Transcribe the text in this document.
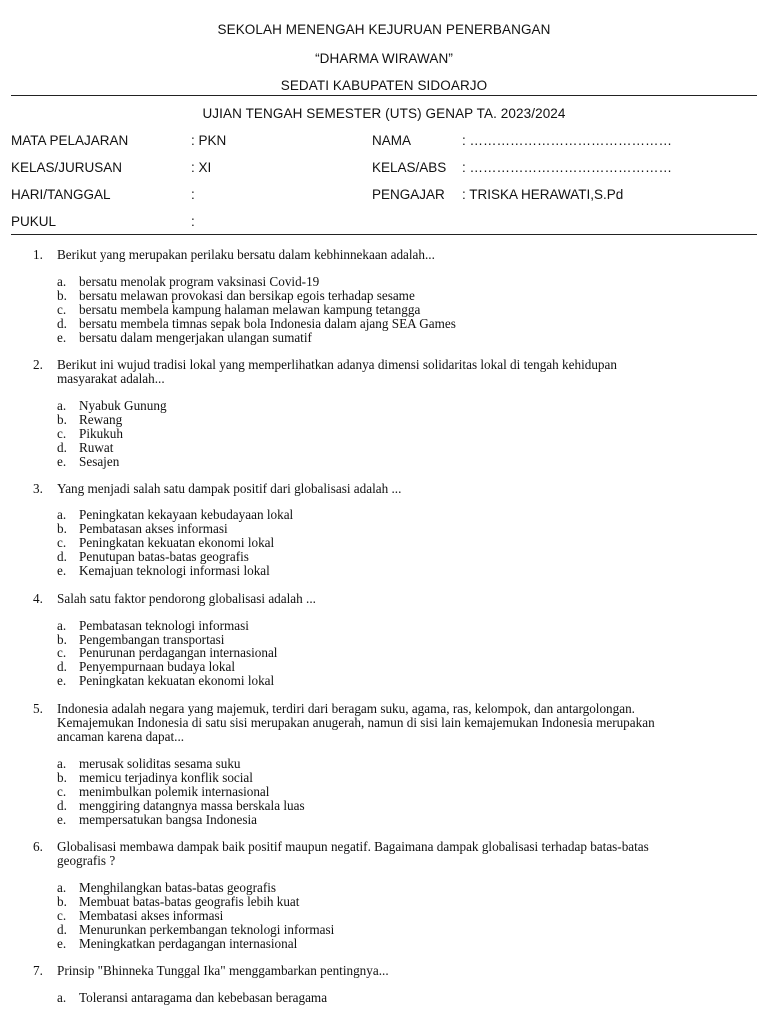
SEKOLAH MENENGAH KEJURUAN PENERBANGAN
“DHARMA WIRAWAN”
SEDATI KABUPATEN SIDOARJO
UJIAN TENGAH SEMESTER (UTS) GENAP TA. 2023/2024
MATA PELAJARAN	: PKN	NAMA	: ………………………………………
KELAS/JURUSAN	: XI	KELAS/ABS : ………………………………………
HARI/TANGGAL	:	PENGAJAR : TRISKA HERAWATI,S.Pd
PUKUL	:
1.	Berikut yang merupakan perilaku bersatu dalam kebhinnekaan adalah...
a. bersatu menolak program vaksinasi Covid-19
b. bersatu melawan provokasi dan bersikap egois terhadap sesame
c. bersatu membela kampung halaman melawan kampung tetangga
d. bersatu membela timnas sepak bola Indonesia dalam ajang SEA Games
e. bersatu dalam mengerjakan ulangan sumatif
2.	Berikut ini wujud tradisi lokal yang memperlihatkan adanya dimensi solidaritas lokal di tengah kehidupan
masyarakat adalah...
a. Nyabuk Gunung
b. Rewang
c. Pikukuh
d. Ruwat
e. Sesajen
3.	Yang menjadi salah satu dampak positif dari globalisasi adalah ...
a. Peningkatan kekayaan kebudayaan lokal
b. Pembatasan akses informasi
c. Peningkatan kekuatan ekonomi lokal
d. Penutupan batas-batas geografis
e. Kemajuan teknologi informasi lokal
4.	Salah satu faktor pendorong globalisasi adalah ...
a. Pembatasan teknologi informasi
b. Pengembangan transportasi
c. Penurunan perdagangan internasional
d. Penyempurnaan budaya lokal
e. Peningkatan kekuatan ekonomi lokal
5.	Indonesia adalah negara yang majemuk, terdiri dari beragam suku, agama, ras, kelompok, dan antargolongan.
Kemajemukan Indonesia di satu sisi merupakan anugerah, namun di sisi lain kemajemukan Indonesia merupakan
ancaman karena dapat...
a. merusak soliditas sesama suku
b. memicu terjadinya konflik social
c. menimbulkan polemik internasional
d. menggiring datangnya massa berskala luas
e. mempersatukan bangsa Indonesia
6.	Globalisasi membawa dampak baik positif maupun negatif. Bagaimana dampak globalisasi terhadap batas-batas
geografis ?
a. Menghilangkan batas-batas geografis
b. Membuat batas-batas geografis lebih kuat
c. Membatasi akses informasi
d. Menurunkan perkembangan teknologi informasi
e. Meningkatkan perdagangan internasional
7.	Prinsip "Bhinneka Tunggal Ika" menggambarkan pentingnya...
a. Toleransi antaragama dan kebebasan beragama
